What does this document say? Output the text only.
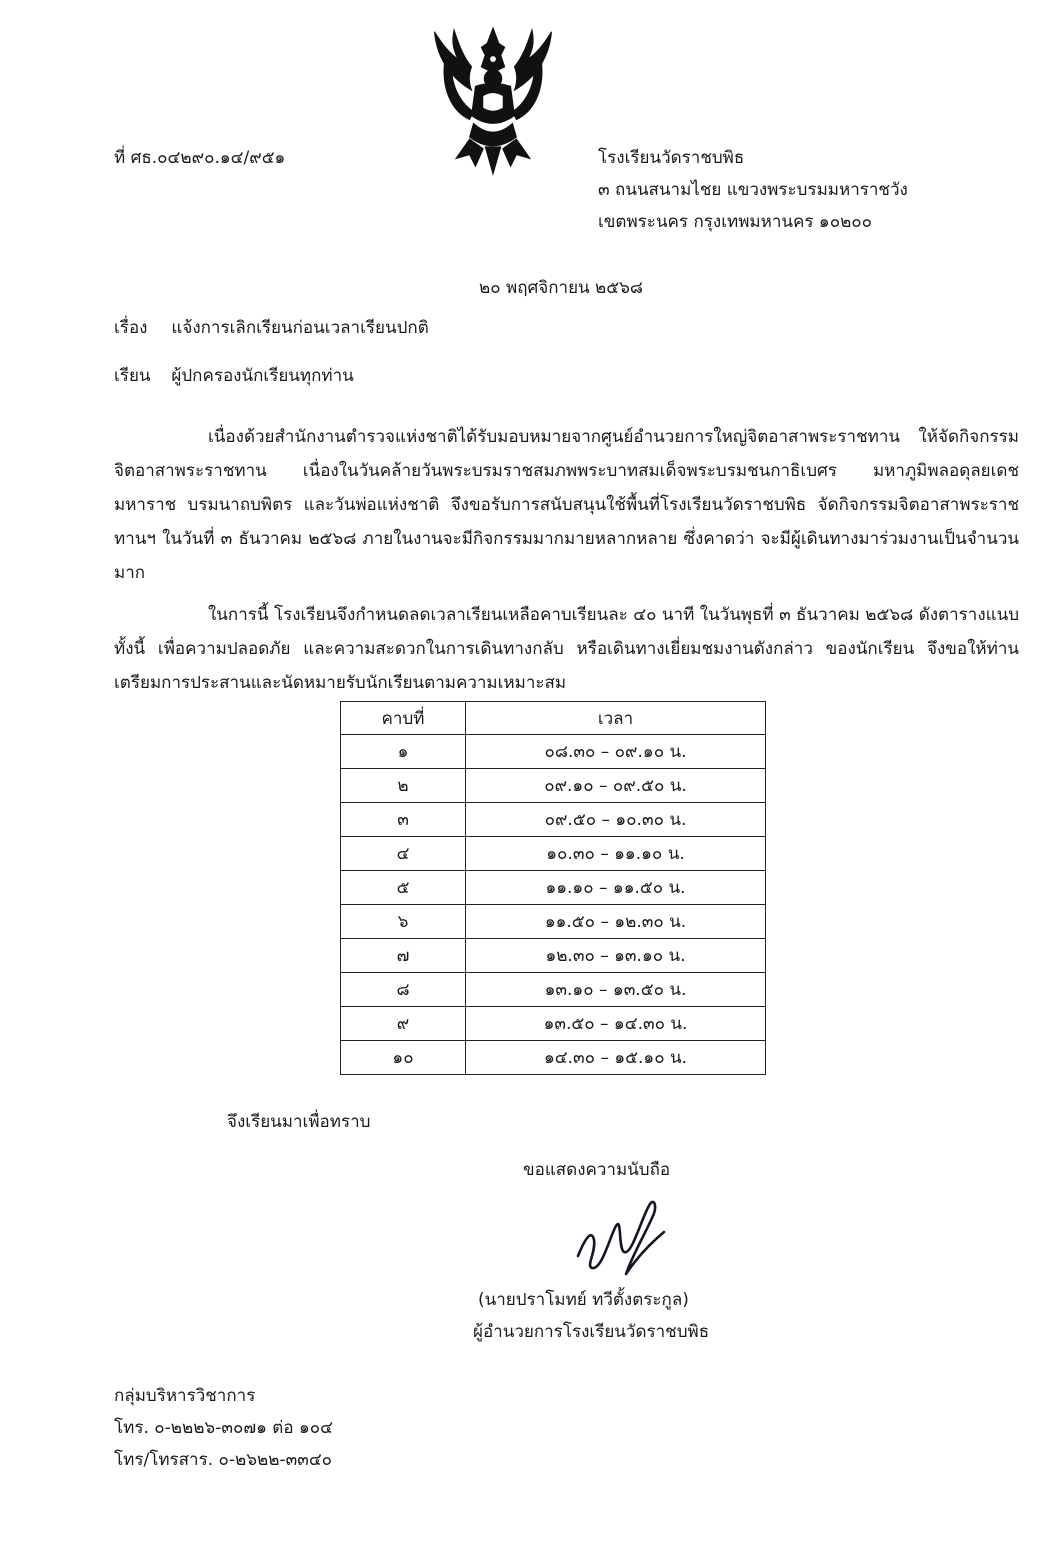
ที่ ศธ.๐๔๒๙๐.๑๔/๙๕๑	โรงเรียนวัดราชบพิธ
๓ ถนนสนามไชย แขวงพระบรมมหาราชวัง
เขตพระนคร กรุงเทพมหานคร ๑๐๒๐๐
๒๐ พฤศจิกายน ๒๕๖๘
เรื่อง แจ้งการเลิกเรียนก่อนเวลาเรียนปกติ
เรียน ผู้ปกครองนักเรียนทุกท่าน

เนื่องด้วยสำนักงานตำรวจแห่งชาติได้รับมอบหมายจากศูนย์อำนวยการใหญ่จิตอาสาพระราชทาน ให้จัดกิจกรรมจิตอาสาพระราชทาน เนื่องในวันคล้ายวันพระบรมราชสมภพพระบาทสมเด็จพระบรมชนกาธิเบศร มหาภูมิพลอดุลยเดชมหาราช บรมนาถบพิตร และวันพ่อแห่งชาติ จึงขอรับการสนับสนุนใช้พื้นที่โรงเรียนวัดราชบพิธ จัดกิจกรรมจิตอาสาพระราชทานฯ ในวันที่ ๓ ธันวาคม ๒๕๖๘ ภายในงานจะมีกิจกรรมมากมายหลากหลาย ซึ่งคาดว่า จะมีผู้เดินทางมาร่วมงานเป็นจำนวนมาก

ในการนี้ โรงเรียนจึงกำหนดลดเวลาเรียนเหลือคาบเรียนละ ๔๐ นาที ในวันพุธที่ ๓ ธันวาคม ๒๕๖๘ ดังตารางแนบ ทั้งนี้ เพื่อความปลอดภัย และความสะดวกในการเดินทางกลับ หรือเดินทางเยี่ยมชมงานดังกล่าว ของนักเรียน จึงขอให้ท่านเตรียมการประสานและนัดหมายรับนักเรียนตามความเหมาะสม

คาบที่	เวลา
๑	๐๘.๓๐ – ๐๙.๑๐ น.
๒	๐๙.๑๐ – ๐๙.๕๐ น.
๓	๐๙.๕๐ – ๑๐.๓๐ น.
๔	๑๐.๓๐ – ๑๑.๑๐ น.
๕	๑๑.๑๐ – ๑๑.๕๐ น.
๖	๑๑.๕๐ – ๑๒.๓๐ น.
๗	๑๒.๓๐ – ๑๓.๑๐ น.
๘	๑๓.๑๐ – ๑๓.๕๐ น.
๙	๑๓.๕๐ – ๑๔.๓๐ น.
๑๐	๑๔.๓๐ – ๑๕.๑๐ น.
จึงเรียนมาเพื่อทราบ
ขอแสดงความนับถือ
(นายปราโมทย์ ทวีตั้งตระกูล)
ผู้อำนวยการโรงเรียนวัดราชบพิธ
กลุ่มบริหารวิชาการ
โทร. ๐-๒๒๒๖-๓๐๗๑ ต่อ ๑๐๔
โทร/โทรสาร. ๐-๒๖๒๒-๓๓๔๐
